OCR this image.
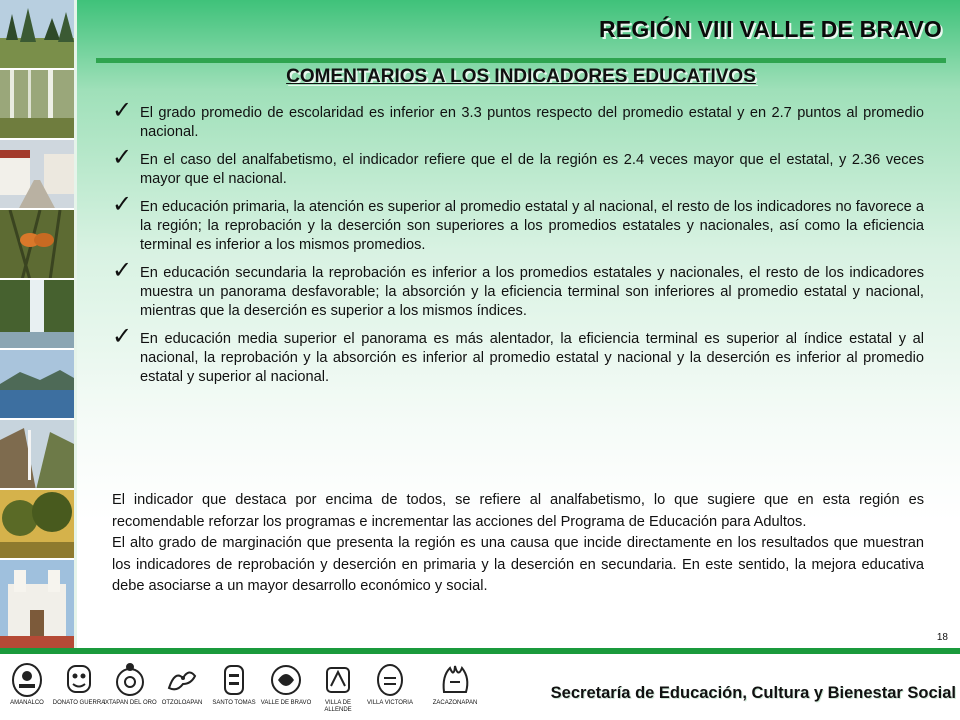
REGIÓN VIII VALLE DE BRAVO
COMENTARIOS A LOS INDICADORES EDUCATIVOS
✓ El grado promedio de escolaridad es inferior en 3.3 puntos respecto del promedio estatal y en 2.7 puntos al promedio nacional.
✓ En el caso del analfabetismo, el indicador refiere que el de la región es 2.4 veces mayor que el estatal, y 2.36 veces mayor que el nacional.
✓ En educación primaria, la atención es superior al promedio estatal y al nacional, el resto de los indicadores no favorece a la región; la reprobación y la deserción son superiores a los promedios estatales y nacionales, así como la eficiencia terminal es inferior a los mismos promedios.
✓ En educación secundaria la reprobación es inferior a los promedios estatales y nacionales, el resto de los indicadores muestra un panorama desfavorable; la absorción y la eficiencia terminal son inferiores al promedio estatal y nacional, mientras que la deserción es superior a los mismos índices.
✓ En educación media superior el panorama es más alentador, la eficiencia terminal es superior al índice estatal y al nacional, la reprobación y la absorción es inferior al promedio estatal y nacional y la deserción es inferior al promedio estatal y superior al nacional.

El indicador que destaca por encima de todos, se refiere al analfabetismo, lo que sugiere que en esta región es recomendable reforzar los programas e incrementar las acciones del Programa de Educación para Adultos.

El alto grado de marginación que presenta la región es una causa que incide directamente en los resultados que muestran los indicadores de reprobación y deserción en primaria y la deserción en secundaria. En este sentido, la mejora educativa debe asociarse a un mayor desarrollo económico y social.

18
AMANALCO	DONATO GUERRA
IXTAPAN DEL ORO OTZOLOAPAN	SANTO TOMAS VALLE DE BRAVO	VILLA DE ALLENDE
VILLA VICTORIA	ZACAZONAPAN
Secretaría de Educación, Cultura y Bienestar Social
